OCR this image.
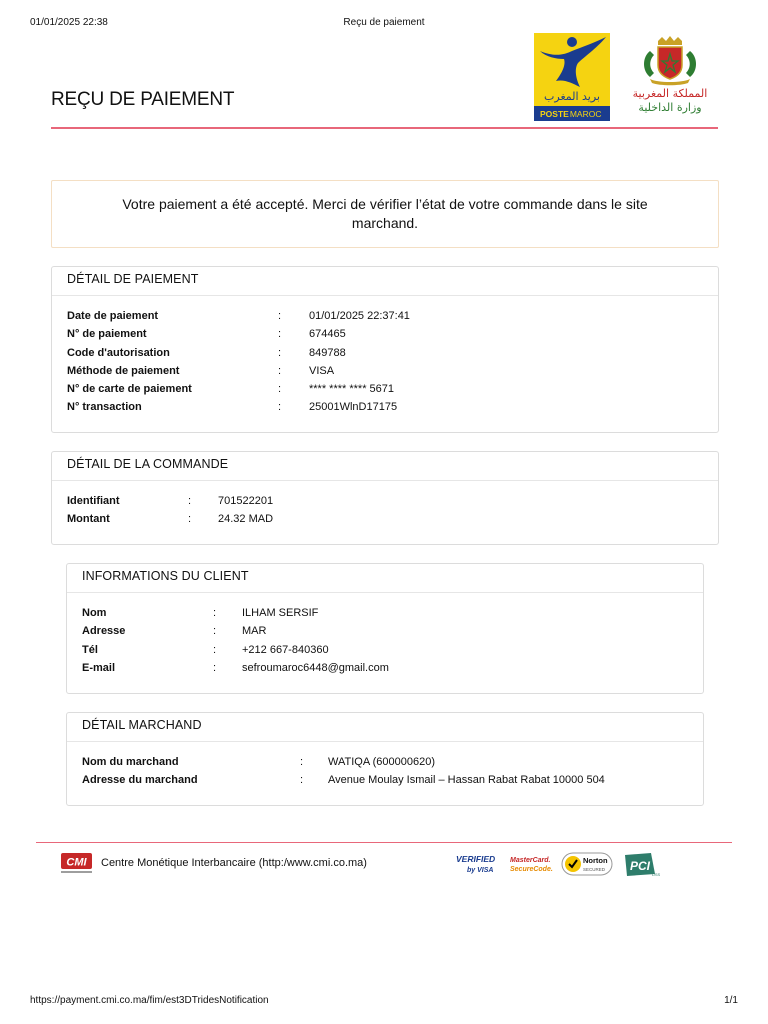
01/01/2025 22:38	Reçu de paiement
REÇU DE PAIEMENT	بريد المغرب
POSTEMAROC
المملكة المغربية
وزارة الداخلية
Votre paiement a été accepté. Merci de vérifier l’état de votre commande dans le site marchand.
DÉTAIL DE PAIEMENT
Date de paiement	:	01/01/2025 22:37:41
N° de paiement	:	674465
Code d'autorisation	:	849788
Méthode de paiement	:	VISA
N° de carte de paiement	:	**** **** **** 5671
N° transaction	:	25001WlnD17175
DÉTAIL DE LA COMMANDE
Identifiant	: 701522201
Montant	: 24.32 MAD
INFORMATIONS DU CLIENT
Nom	: ILHAM SERSIF
Adresse	: MAR
Tél	: +212 667-840360
E-mail	: sefroumaroc6448@gmail.com
DÉTAIL MARCHAND
Nom du marchand	: WATIQA (600000620)
Adresse du marchand	: Avenue Moulay Ismail – Hassan Rabat Rabat 10000 504
CMI Centre Monétique Interbancaire (http:/www.cmi.co.ma)	VERIFIED
by VISA
MasterCard.
SecureCode.
Norton
SECURED PCI
DSS
https://payment.cmi.co.ma/fim/est3DTridesNotification	1/1
